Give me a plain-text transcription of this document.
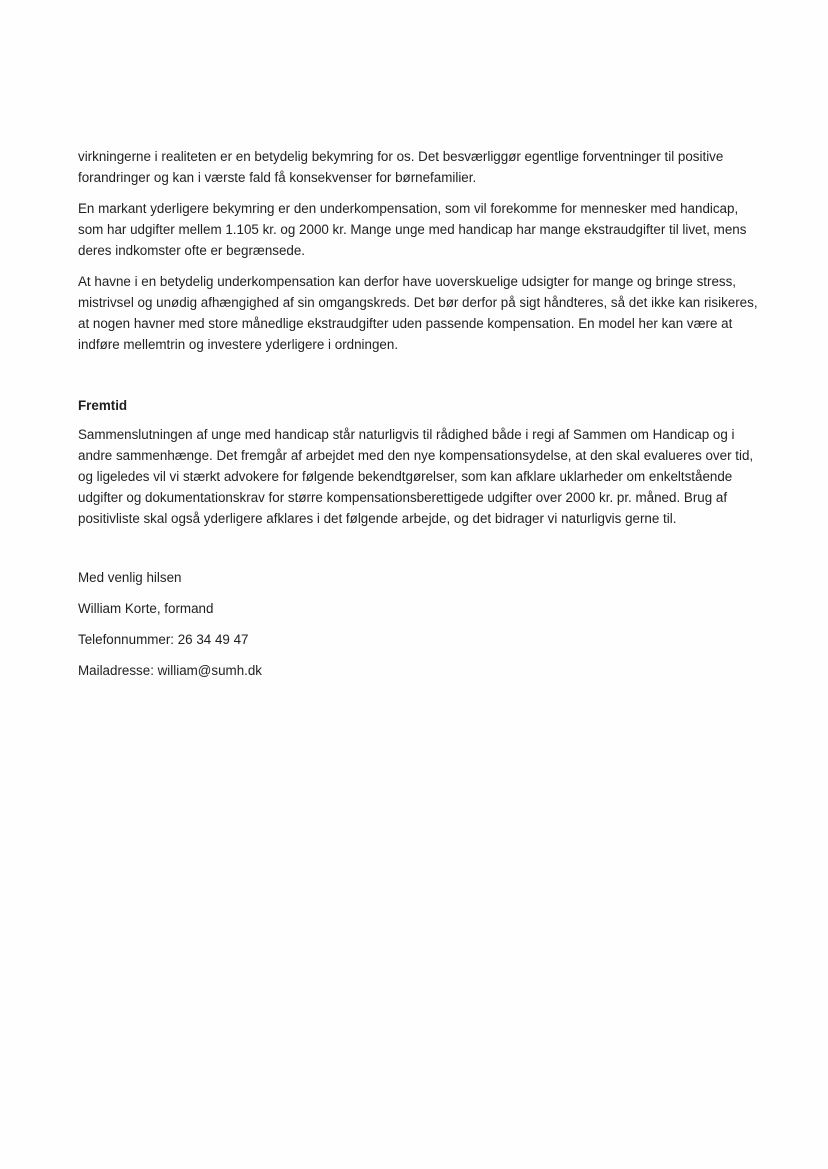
virkningerne i realiteten er en betydelig bekymring for os. Det besværliggør egentlige forventninger til positive forandringer og kan i værste fald få konsekvenser for børnefamilier.

En markant yderligere bekymring er den underkompensation, som vil forekomme for mennesker med handicap, som har udgifter mellem 1.105 kr. og 2000 kr. Mange unge med handicap har mange ekstraudgifter til livet, mens deres indkomster ofte er begrænsede.

At havne i en betydelig underkompensation kan derfor have uoverskuelige udsigter for mange og bringe stress, mistrivsel og unødig afhængighed af sin omgangskreds. Det bør derfor på sigt håndteres, så det ikke kan risikeres, at nogen havner med store månedlige ekstraudgifter uden passende kompensation. En model her kan være at indføre mellemtrin og investere yderligere i ordningen.

Fremtid

Sammenslutningen af unge med handicap står naturligvis til rådighed både i regi af Sammen om Handicap og i andre sammenhænge. Det fremgår af arbejdet med den nye kompensationsydelse, at den skal evalueres over tid, og ligeledes vil vi stærkt advokere for følgende bekendtgørelser, som kan afklare uklarheder om enkeltstående udgifter og dokumentationskrav for større kompensationsberettigede udgifter over 2000 kr. pr. måned. Brug af positivliste skal også yderligere afklares i det følgende arbejde, og det bidrager vi naturligvis gerne til.

Med venlig hilsen

William Korte, formand

Telefonnummer: 26 34 49 47

Mailadresse: william@sumh.dk
